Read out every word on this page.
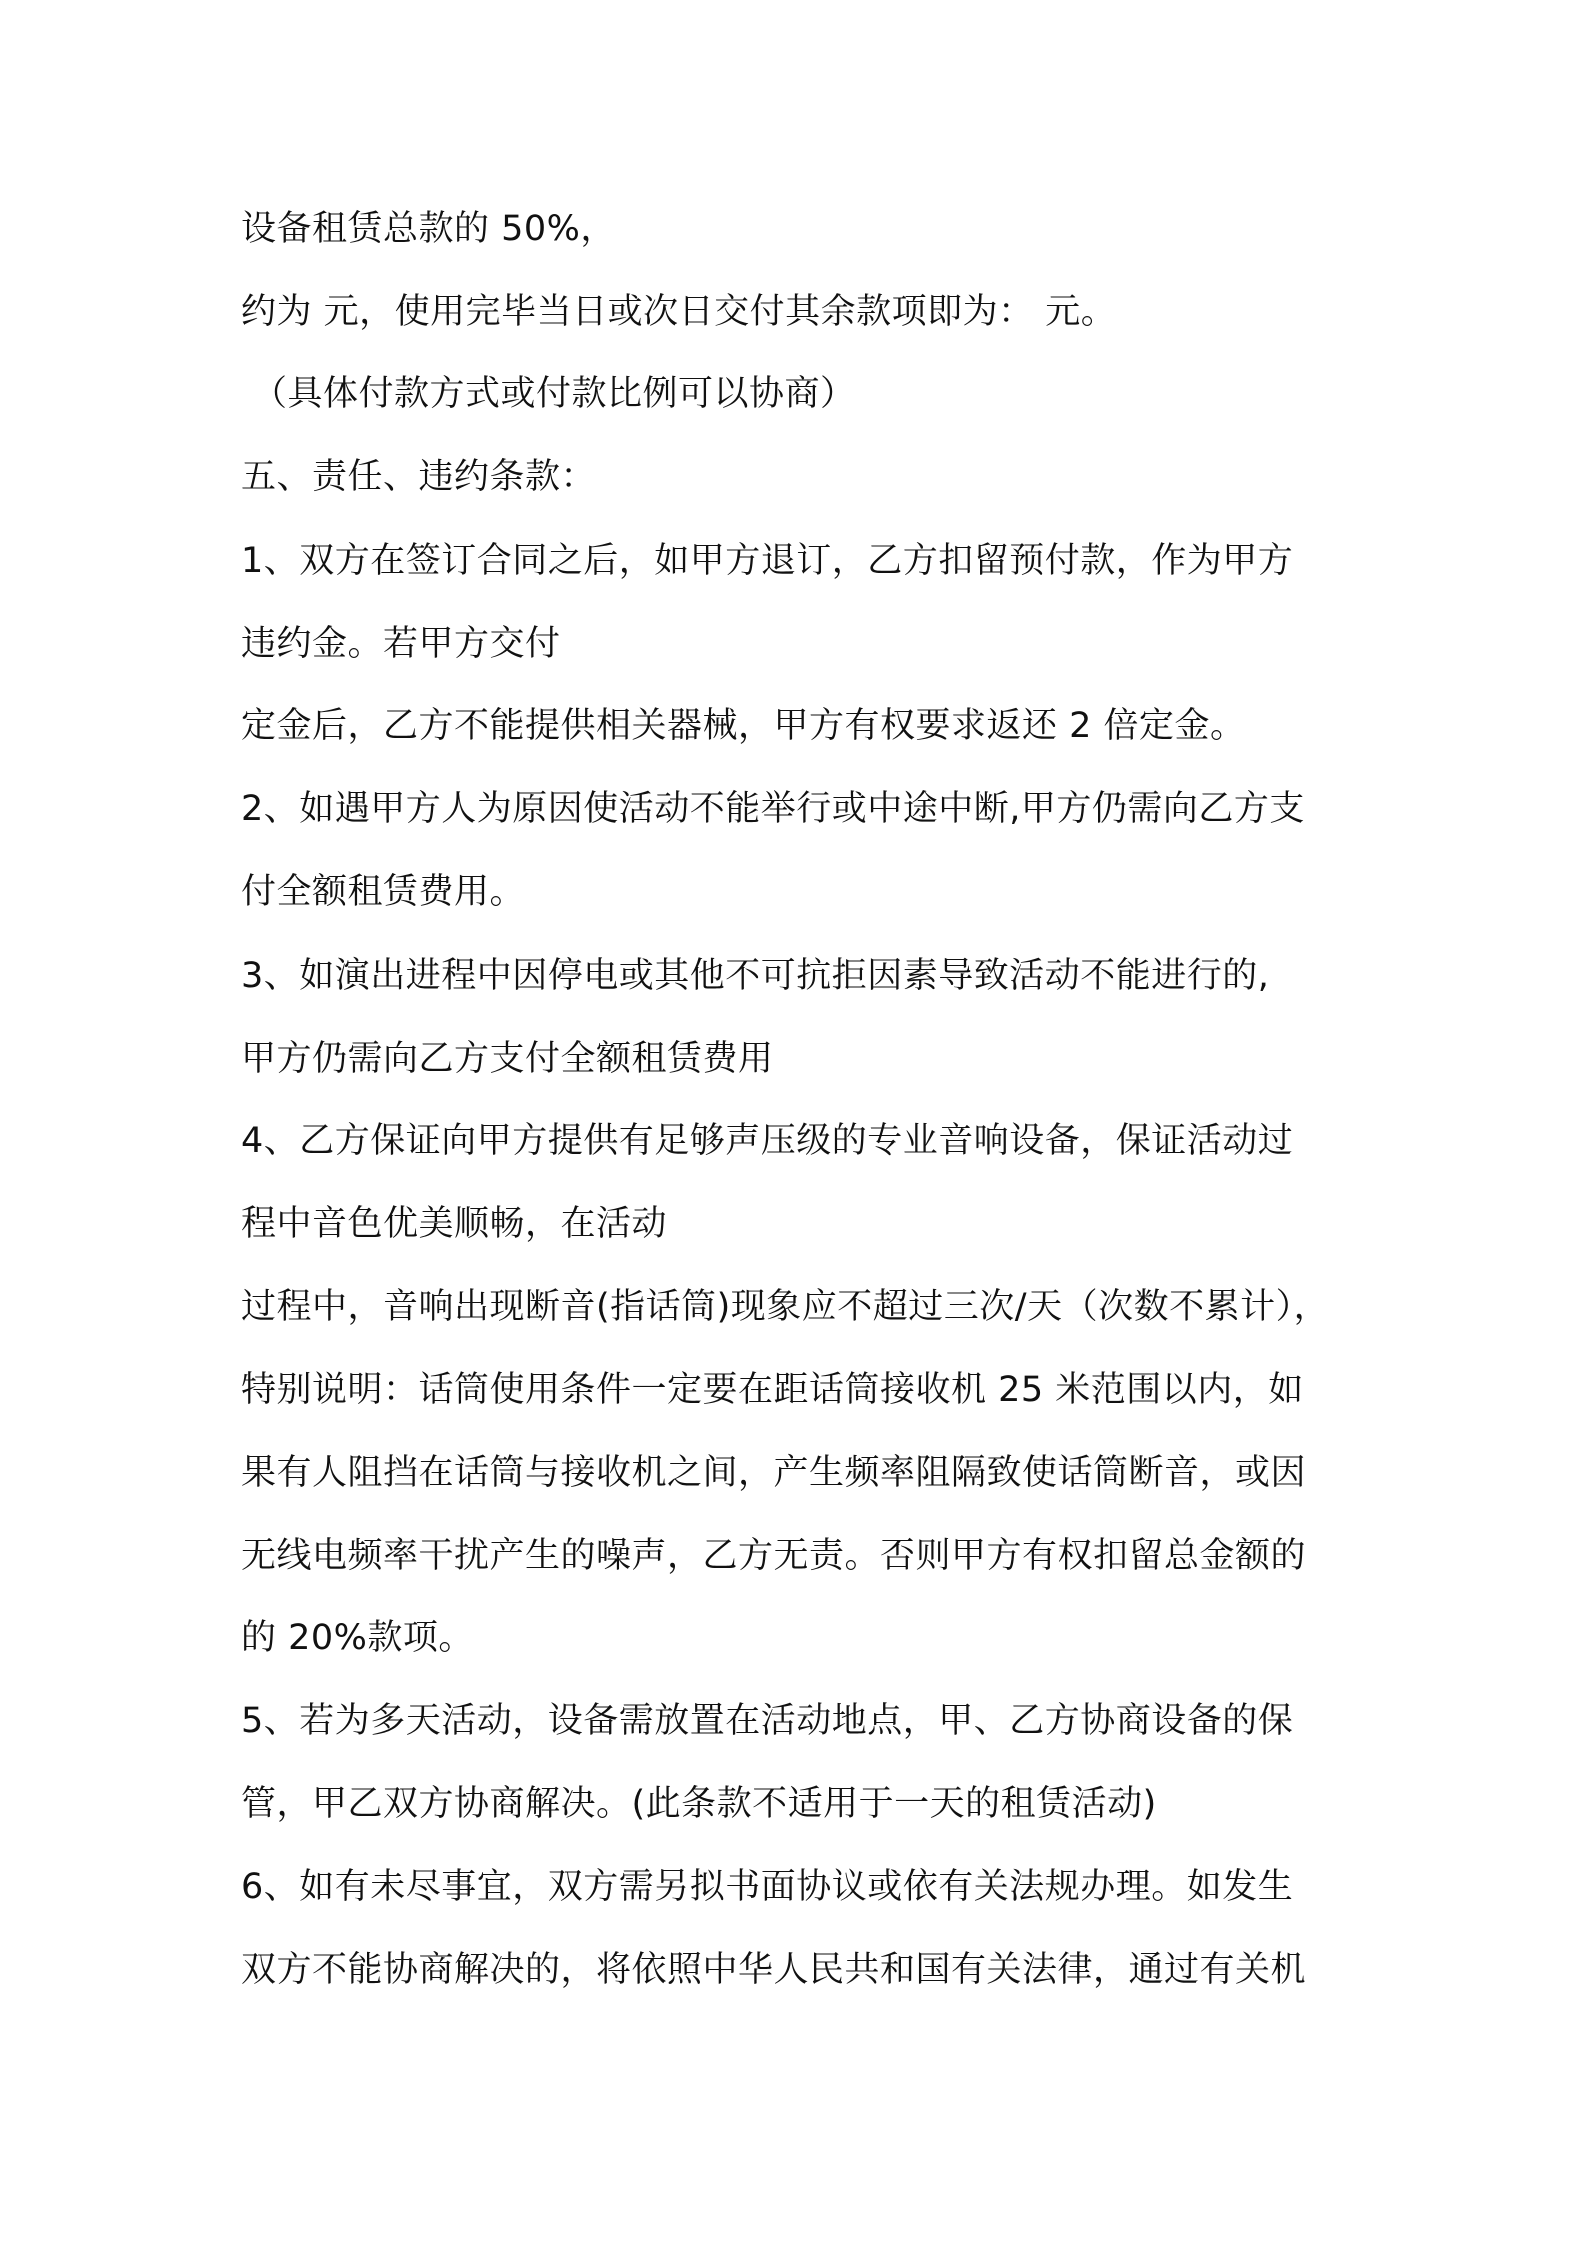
设备租赁总款的 50%，
约为 元，使用完毕当日或次日交付其余款项即为： 元。
（具体付款方式或付款比例可以协商）
五、责任、违约条款：
1、双方在签订合同之后，如甲方退订，乙方扣留预付款，作为甲方
违约金。若甲方交付
定金后，乙方不能提供相关器械，甲方有权要求返还 2 倍定金。
2、如遇甲方人为原因使活动不能举行或中途中断,甲方仍需向乙方支
付全额租赁费用。
3、如演出进程中因停电或其他不可抗拒因素导致活动不能进行的,
甲方仍需向乙方支付全额租赁费用
4、乙方保证向甲方提供有足够声压级的专业音响设备，保证活动过
程中音色优美顺畅，在活动
过程中，音响出现断音(指话筒)现象应不超过三次/天（次数不累计），
特别说明：话筒使用条件一定要在距话筒接收机 25 米范围以内，如
果有人阻挡在话筒与接收机之间，产生频率阻隔致使话筒断音，或因
无线电频率干扰产生的噪声，乙方无责。否则甲方有权扣留总金额的
的 20%款项。
5、若为多天活动，设备需放置在活动地点，甲、乙方协商设备的保
管，甲乙双方协商解决。(此条款不适用于一天的租赁活动)
6、如有未尽事宜，双方需另拟书面协议或依有关法规办理。如发生
双方不能协商解决的，将依照中华人民共和国有关法律，通过有关机
